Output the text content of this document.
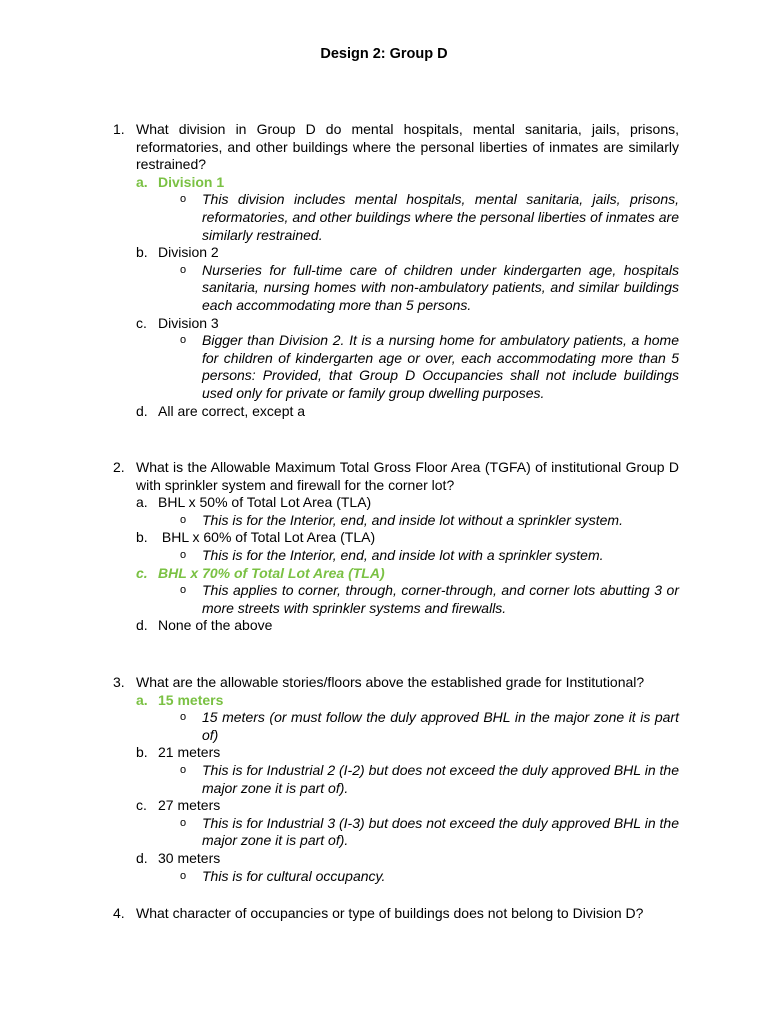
Design 2: Group D
1. What division in Group D do mental hospitals, mental sanitaria, jails, prisons, reformatories, and other buildings where the personal liberties of inmates are similarly restrained?
a. Division 1
o This division includes mental hospitals, mental sanitaria, jails, prisons, reformatories, and other buildings where the personal liberties of inmates are similarly restrained.
b. Division 2
o Nurseries for full-time care of children under kindergarten age, hospitals sanitaria, nursing homes with non-ambulatory patients, and similar buildings each accommodating more than 5 persons.
c. Division 3
o Bigger than Division 2. It is a nursing home for ambulatory patients, a home for children of kindergarten age or over, each accommodating more than 5 persons: Provided, that Group D Occupancies shall not include buildings used only for private or family group dwelling purposes.
d. All are correct, except a
2. What is the Allowable Maximum Total Gross Floor Area (TGFA) of institutional Group D with sprinkler system and firewall for the corner lot?
a. BHL x 50% of Total Lot Area (TLA)
o This is for the Interior, end, and inside lot without a sprinkler system.
b. BHL x 60% of Total Lot Area (TLA)
o This is for the Interior, end, and inside lot with a sprinkler system.
c. BHL x 70% of Total Lot Area (TLA)
o This applies to corner, through, corner-through, and corner lots abutting 3 or more streets with sprinkler systems and firewalls.
d. None of the above
3. What are the allowable stories/floors above the established grade for Institutional?
a. 15 meters
o 15 meters (or must follow the duly approved BHL in the major zone it is part of)
b. 21 meters
o This is for Industrial 2 (I-2) but does not exceed the duly approved BHL in the major zone it is part of).
c. 27 meters
o This is for Industrial 3 (I-3) but does not exceed the duly approved BHL in the major zone it is part of).
d. 30 meters
o This is for cultural occupancy.
4. What character of occupancies or type of buildings does not belong to Division D?
